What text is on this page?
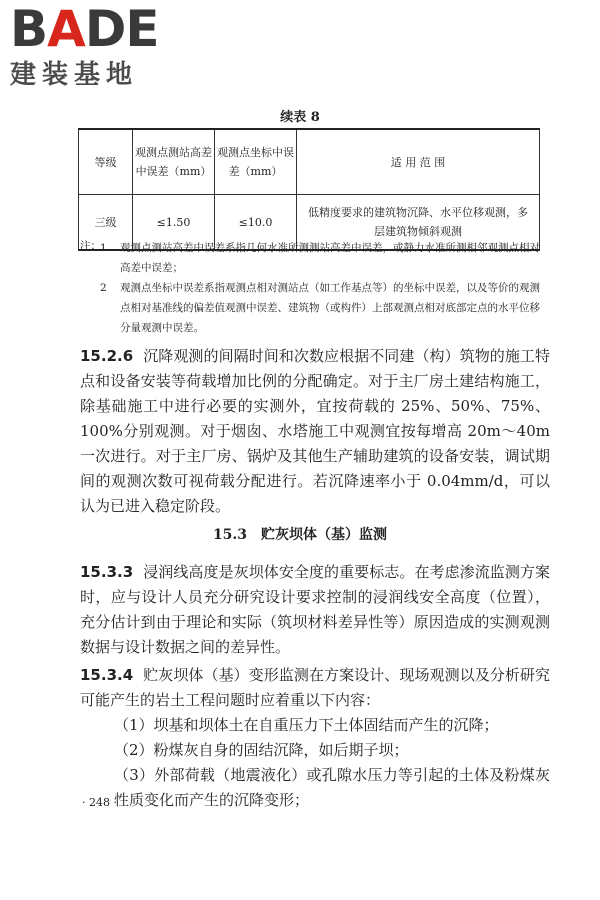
BADE
建装基地
续表 8
等级	观测点测站高差中误差（mm）	观测点坐标中误差（mm）	适 用 范 围
三级	≤1.50	≤10.0	低精度要求的建筑物沉降、水平位移观测，多层建筑物倾斜观测
注： 1	观测点测站高差中误差系指几何水准所测测站高差中误差，或静力水准所测相邻观测点相对高差中误差；
2	观测点坐标中误差系指观测点相对测站点（如工作基点等）的坐标中误差，以及等价的观测点相对基准线的偏差值观测中误差、建筑物（或构件）上部观测点相对底部定点的水平位移分量观测中误差。

15.2.6 沉降观测的间隔时间和次数应根据不同建（构）筑物的施工特点和设备安装等荷载增加比例的分配确定。对于主厂房土建结构施工，除基础施工中进行必要的实测外，宜按荷载的 25%、50%、75%、100%分别观测。对于烟囱、水塔施工中观测宜按每增高 20m～40m 一次进行。对于主厂房、锅炉及其他生产辅助建筑的设备安装，调试期间的观测次数可视荷载分配进行。若沉降速率小于 0.04mm/d，可以认为已进入稳定阶段。

15.3　贮灰坝体（基）监测

15.3.3 浸润线高度是灰坝体安全度的重要标志。在考虑渗流监测方案时，应与设计人员充分研究设计要求控制的浸润线安全高度（位置），充分估计到由于理论和实际（筑坝材料差异性等）原因造成的实测观测数据与设计数据之间的差异性。

15.3.4 贮灰坝体（基）变形监测在方案设计、现场观测以及分析研究可能产生的岩土工程问题时应着重以下内容：

（1）坝基和坝体土在自重压力下土体固结而产生的沉降；

（2）粉煤灰自身的固结沉降，如后期子坝；

（3）外部荷载（地震液化）或孔隙水压力等引起的土体及粉煤灰性质变化而产生的沉降变形；

· 248 ·
